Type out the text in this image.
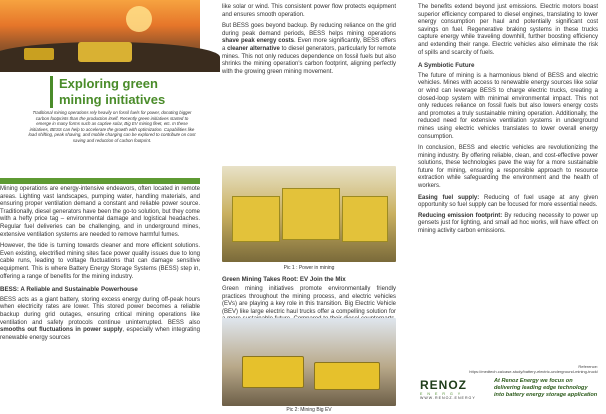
Exploring green mining initiatives
Traditional mining operations rely heavily on fossil fuels for power, donating bigger carbon footprints than the production itself. Recently green initiatives started to emerge in many forms such as captive solar, Big EV mining fleet, etc. In these initiatives, BESS can help to accelerate the growth with optimization. Capabilities like load shifting, peak shaving, and mobile charging can be explored to contribute on cost saving and reduction of carbon footprint.

Mining operations are energy-intensive endeavors, often located in remote areas. Lighting vast landscapes, pumping water, handling materials, and ensuring proper ventilation demand a constant and reliable power source. Traditionally, diesel generators have been the go-to solution, but they come with a hefty price tag – environmental damage and logistical headaches. Regular fuel deliveries can be challenging, and in underground mines, extensive ventilation systems are needed to remove harmful fumes.

However, the tide is turning towards cleaner and more efficient solutions. Even existing, electrified mining sites face power quality issues due to long cable runs, leading to voltage fluctuations that can damage sensitive equipment. This is where Battery Energy Storage Systems (BESS) step in, offering a range of benefits for the mining industry.

BESS: A Reliable and Sustainable Powerhouse

BESS acts as a giant battery, storing excess energy during off-peak hours when electricity rates are lower. This stored power becomes a reliable backup during grid outages, ensuring critical mining operations like ventilation and safety protocols continue uninterrupted. BESS also smooths out fluctuations in power supply, especially when integrating renewable energy sources

like solar or wind. This consistent power flow protects equipment and ensures smooth operation.

But BESS goes beyond backup. By reducing reliance on the grid during peak demand periods, BESS helps mining operations shave peak energy costs. Even more significantly, BESS offers a cleaner alternative to diesel generators, particularly for remote mines. This not only reduces dependence on fossil fuels but also shrinks the mining operation's carbon footprint, aligning perfectly with the growing green mining movement.

Pic 1 : Power in mining

Green Mining Takes Root: EV Join the Mix

Green mining initiatives promote environmentally friendly practices throughout the mining process, and electric vehicles (EVs) are playing a key role in this transition. Big Electric Vehicle (BEV) like large electric haul trucks offer a compelling solution for

Pic 2: Mining Big EV

The benefits extend beyond just emissions. Electric motors boast superior efficiency compared to diesel engines, translating to lower energy consumption per haul and potentially significant cost savings on fuel. Regenerative braking systems in these trucks capture energy while traveling downhill, further boosting efficiency and extending their range. Electric vehicles also eliminate the risk of spills and scarcity of fuels.

A Symbiotic Future

The future of mining is a harmonious blend of BESS and electric vehicles. Mines with access to renewable energy sources like solar or wind can leverage BESS to charge electric trucks, creating a closed-loop system with minimal environmental impact. This not only reduces reliance on fossil fuels but also lowers energy costs and promotes a truly sustainable mining operation. Additionally, the reduced need for extensive ventilation systems in underground mines using electric vehicles translates to lower overall energy consumption.

In conclusion, BESS and electric vehicles are revolutionizing the mining industry. By offering reliable, clean, and cost-effective power solutions, these technologies pave the way for a more sustainable future for mining, ensuring a responsible approach to resource extraction while safeguarding the environment and the health of workers.

Easing fuel supply: Reducing of fuel usage at any given opportunity so fuel supply can be focused for more essential needs.

Reducing emission footprint: By reducing necessity to power up gensets just for lighting, and small ad hoc works, will have effect on mining activity carbon emissions.

Reference:
https://medtech.ca/case-study/battery-electric-underground-mining-truck/
RENOZ
E N E R G Y
WWW.RENOZ.ENERGY
At Renoz Energy we focus on delivering leading edge technology into battery energy storage application
